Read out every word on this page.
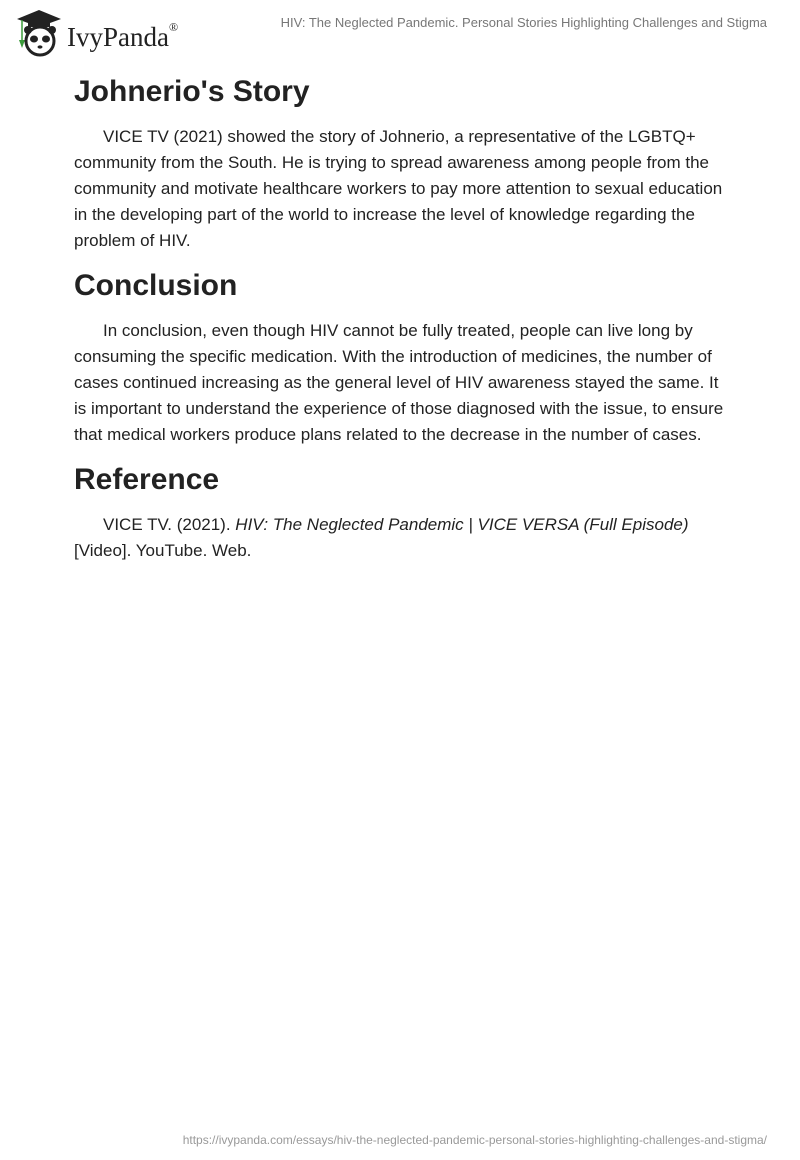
IvyPanda®	HIV: The Neglected Pandemic. Personal Stories Highlighting Challenges and Stigma
Johnerio's Story

VICE TV (2021) showed the story of Johnerio, a representative of the LGBTQ+ community from the South. He is trying to spread awareness among people from the community and motivate healthcare workers to pay more attention to sexual education in the developing part of the world to increase the level of knowledge regarding the problem of HIV.

Conclusion

In conclusion, even though HIV cannot be fully treated, people can live long by consuming the specific medication. With the introduction of medicines, the number of cases continued increasing as the general level of HIV awareness stayed the same. It is important to understand the experience of those diagnosed with the issue, to ensure that medical workers produce plans related to the decrease in the number of cases.

Reference

VICE TV. (2021). HIV: The Neglected Pandemic | VICE VERSA (Full Episode) [Video]. YouTube. Web.

https://ivypanda.com/essays/hiv-the-neglected-pandemic-personal-stories-highlighting-challenges-and-stigma/
